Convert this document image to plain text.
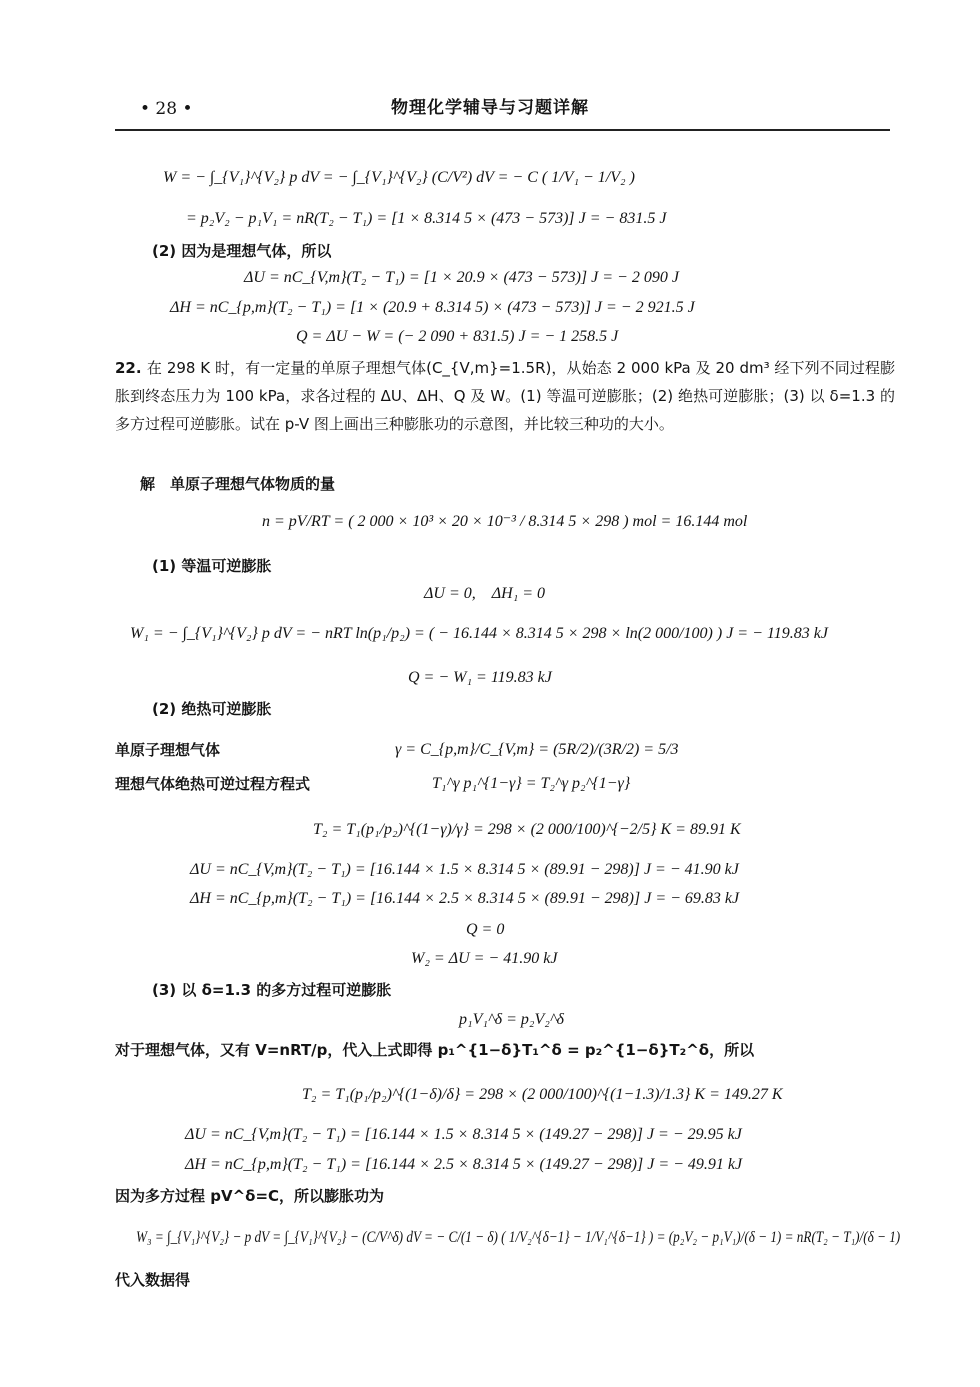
• 28 •	物理化学辅导与习题详解
W = − ∫_{V₁}^{V₂} p dV = − ∫_{V₁}^{V₂} (C/V²) dV = − C ( 1/V₁ − 1/V₂ )
= p₂V₂ − p₁V₁ = nR(T₂ − T₁) = [1 × 8.314 5 × (473 − 573)] J = − 831.5 J
(2) 因为是理想气体，所以
ΔU = nC_{V,m}(T₂ − T₁) = [1 × 20.9 × (473 − 573)] J = − 2 090 J
ΔH = nC_{p,m}(T₂ − T₁) = [1 × (20.9 + 8.314 5) × (473 − 573)] J = − 2 921.5 J
Q = ΔU − W = (− 2 090 + 831.5) J = − 1 258.5 J
解　单原子理想气体物质的量
n = pV/RT = ( 2 000 × 10³ × 20 × 10⁻³ / 8.314 5 × 298 ) mol = 16.144 mol
(1) 等温可逆膨胀
ΔU = 0,　ΔH₁ = 0
W₁ = − ∫_{V₁}^{V₂} p dV = − nRT ln(p₁/p₂) = ( − 16.144 × 8.314 5 × 298 × ln(2 000/100) ) J = − 119.83 kJ
Q = − W₁ = 119.83 kJ
(2) 绝热可逆膨胀
单原子理想气体	γ = C_{p,m}/C_{V,m} = (5R/2)/(3R/2) = 5/3
理想气体绝热可逆过程方程式	T₁^γ p₁^{1−γ} = T₂^γ p₂^{1−γ}
T₂ = T₁(p₁/p₂)^{(1−γ)/γ} = 298 × (2 000/100)^{−2/5} K = 89.91 K
ΔU = nC_{V,m}(T₂ − T₁) = [16.144 × 1.5 × 8.314 5 × (89.91 − 298)] J = − 41.90 kJ
ΔH = nC_{p,m}(T₂ − T₁) = [16.144 × 2.5 × 8.314 5 × (89.91 − 298)] J = − 69.83 kJ
Q = 0
W₂ = ΔU = − 41.90 kJ
(3) 以 δ=1.3 的多方过程可逆膨胀
p₁V₁^δ = p₂V₂^δ
对于理想气体，又有 V=nRT/p，代入上式即得 p₁^{1−δ}T₁^δ = p₂^{1−δ}T₂^δ，所以
T₂ = T₁(p₁/p₂)^{(1−δ)/δ} = 298 × (2 000/100)^{(1−1.3)/1.3} K = 149.27 K
ΔU = nC_{V,m}(T₂ − T₁) = [16.144 × 1.5 × 8.314 5 × (149.27 − 298)] J = − 29.95 kJ
ΔH = nC_{p,m}(T₂ − T₁) = [16.144 × 2.5 × 8.314 5 × (149.27 − 298)] J = − 49.91 kJ
因为多方过程 pV^δ=C，所以膨胀功为
W₃ = ∫_{V₁}^{V₂} − p dV = ∫_{V₁}^{V₂} − (C/V^δ) dV = − C/(1 − δ) ( 1/V₂^{δ−1} − 1/V₁^{δ−1} ) = (p₂V₂ − p₁V₁)/(δ − 1) = nR(T₂ − T₁)/(δ − 1)
代入数据得
22. 在 298 K 时，有一定量的单原子理想气体(C_{V,m}=1.5R)，从始态 2 000 kPa 及 20 dm³ 经下列不同过程膨胀到终态压力为 100 kPa，求各过程的 ΔU、ΔH、Q 及 W。(1) 等温可逆膨胀；(2) 绝热可逆膨胀；(3) 以 δ=1.3 的多方过程可逆膨胀。试在 p-V 图上画出三种膨胀功的示意图，并比较三种功的大小。
